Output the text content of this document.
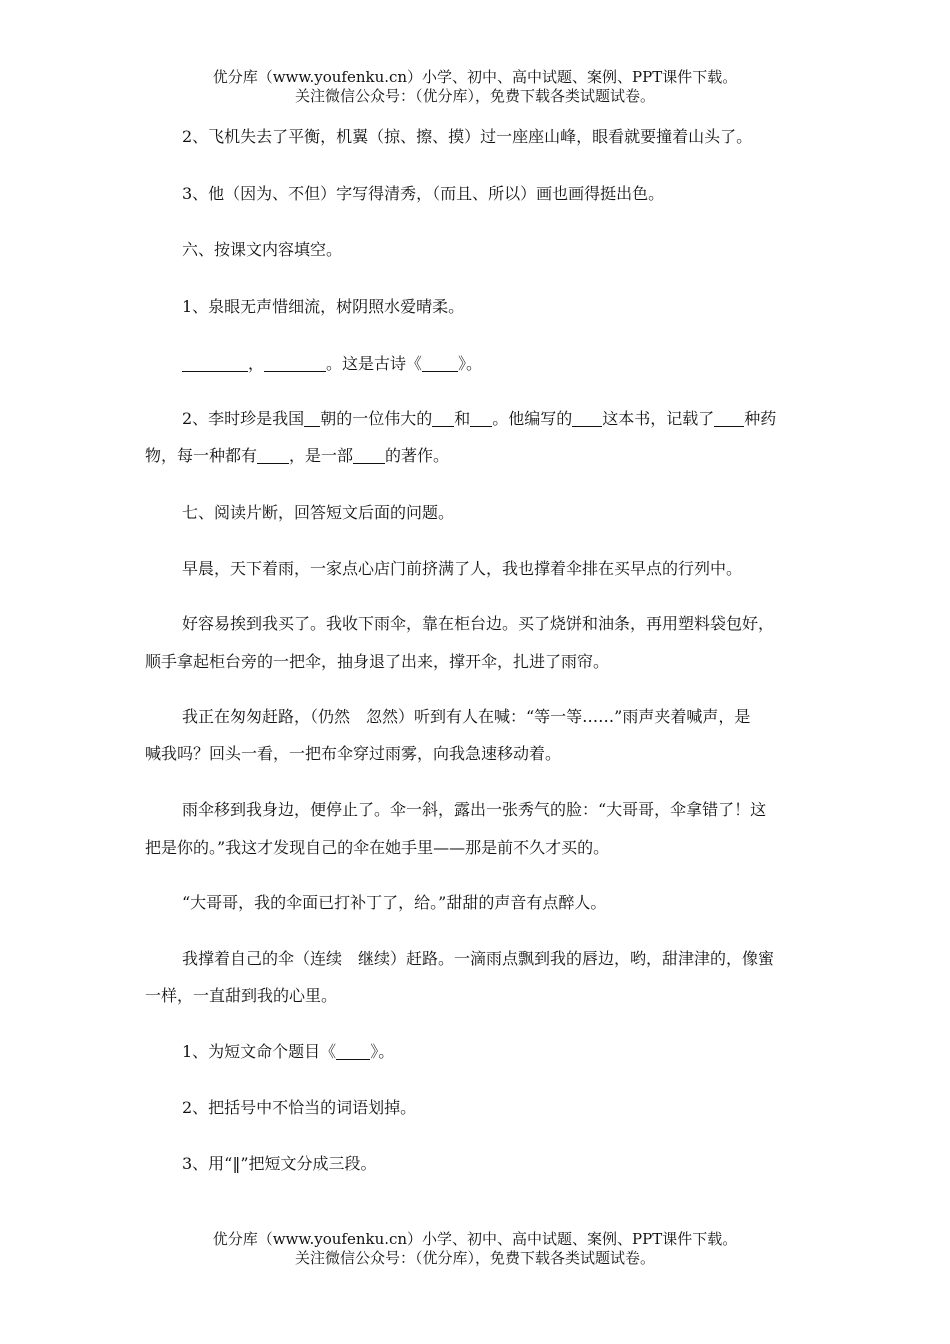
优分库（www.youfenku.cn）小学、初中、高中试题、案例、PPT课件下载。
关注微信公众号：（优分库），免费下载各类试题试卷。
2、飞机失去了平衡，机翼（掠、擦、摸）过一座座山峰，眼看就要撞着山头了。
3、他（因为、不但）字写得清秀，（而且、所以）画也画得挺出色。
六、按课文内容填空。
1、泉眼无声惜细流，树阴照水爱晴柔。
，	。这是古诗《 》。
2、李时珍是我国 朝的一位伟大的 和 。他编写的 这本书，记载了 种药
物，每一种都有 ，是一部 的著作。
七、阅读片断，回答短文后面的问题。
早晨，天下着雨，一家点心店门前挤满了人，我也撑着伞排在买早点的行列中。
好容易挨到我买了。我收下雨伞，靠在柜台边。买了烧饼和油条，再用塑料袋包好，
顺手拿起柜台旁的一把伞，抽身退了出来，撑开伞，扎进了雨帘。
我正在匆匆赶路，（仍然　忽然）听到有人在喊：“等一等……”雨声夹着喊声，是
喊我吗？回头一看，一把布伞穿过雨雾，向我急速移动着。
雨伞移到我身边，便停止了。伞一斜，露出一张秀气的脸：“大哥哥，伞拿错了！这
把是你的。”我这才发现自己的伞在她手里——那是前不久才买的。
“大哥哥，我的伞面已打补丁了，给。”甜甜的声音有点醉人。
我撑着自己的伞（连续　继续）赶路。一滴雨点飘到我的唇边，哟，甜津津的，像蜜
一样，一直甜到我的心里。
1、为短文命个题目《 》。
2、把括号中不恰当的词语划掉。
3、用“‖”把短文分成三段。
优分库（www.youfenku.cn）小学、初中、高中试题、案例、PPT课件下载。
关注微信公众号：（优分库），免费下载各类试题试卷。
